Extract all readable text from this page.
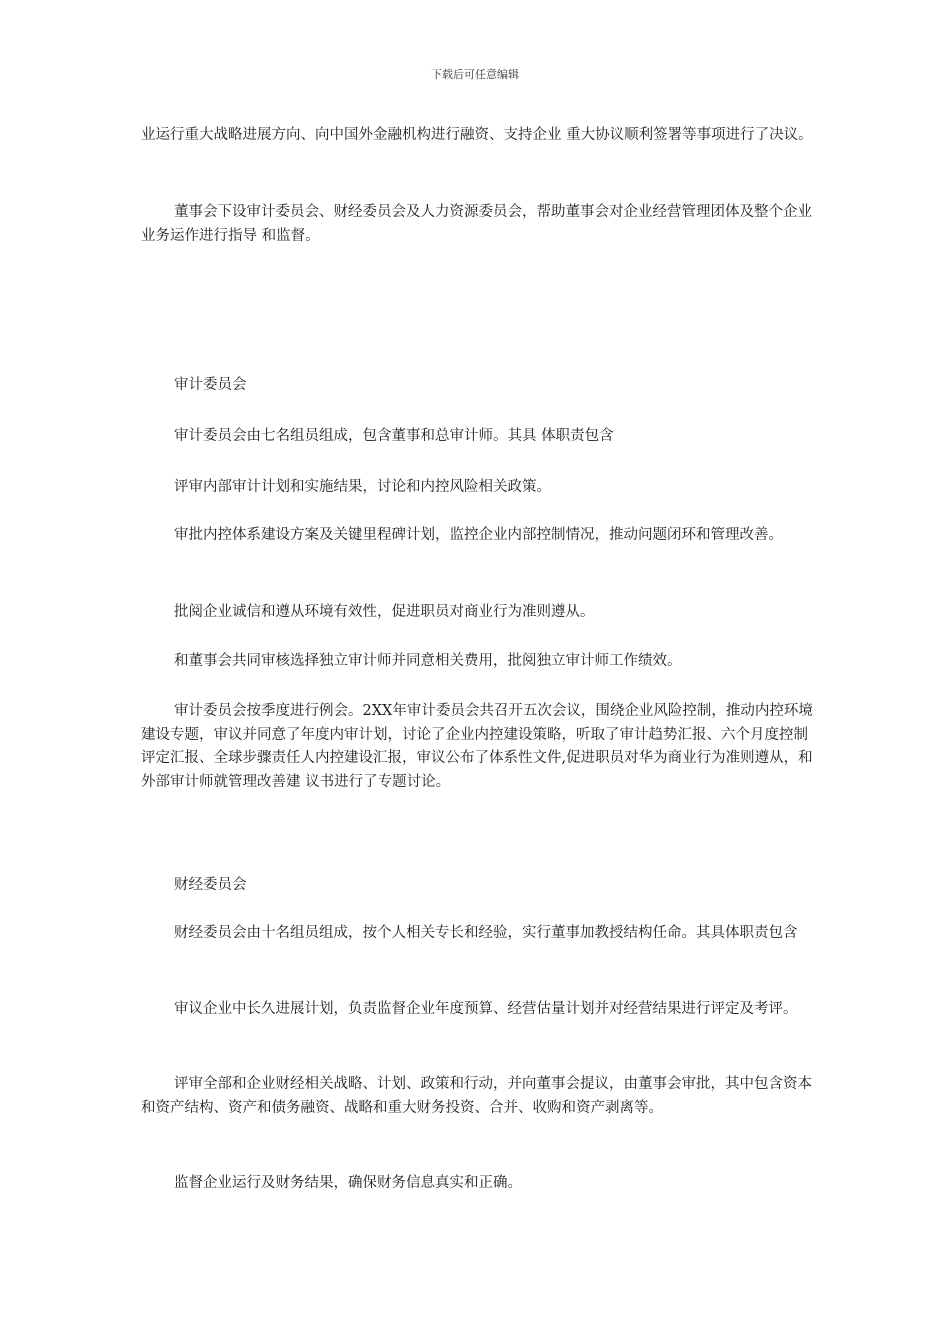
下载后可任意编辑

业运行重大战略进展方向、向中国外金融机构进行融资、支持企业 重大协议顺利签署等事项进行了决议。

董事会下设审计委员会、财经委员会及人力资源委员会，帮助董事会对企业经营管理团体及整个企业业务运作进行指导 和监督。

审计委员会

审计委员会由七名组员组成，包含董事和总审计师。其具 体职责包含

评审内部审计计划和实施结果，讨论和内控风险相关政策。

审批内控体系建设方案及关键里程碑计划，监控企业内部控制情况，推动问题闭环和管理改善。

批阅企业诚信和遵从环境有效性，促进职员对商业行为准则遵从。

和董事会共同审核选择独立审计师并同意相关费用，批阅独立审计师工作绩效。

审计委员会按季度进行例会。2XX年审计委员会共召开五次会议，围绕企业风险控制，推动内控环境建设专题，审议并同意了年度内审计划，讨论了企业内控建设策略，听取了审计趋势汇报、六个月度控制评定汇报、全球步骤责任人内控建设汇报，审议公布了体系性文件,促进职员对华为商业行为准则遵从，和外部审计师就管理改善建 议书进行了专题讨论。

财经委员会

财经委员会由十名组员组成，按个人相关专长和经验，实行董事加教授结构任命。其具体职责包含

审议企业中长久进展计划，负责监督企业年度预算、经营估量计划并对经营结果进行评定及考评。

评审全部和企业财经相关战略、计划、政策和行动，并向董事会提议，由董事会审批，其中包含资本和资产结构、资产和债务融资、战略和重大财务投资、合并、收购和资产剥离等。

监督企业运行及财务结果，确保财务信息真实和正确。
